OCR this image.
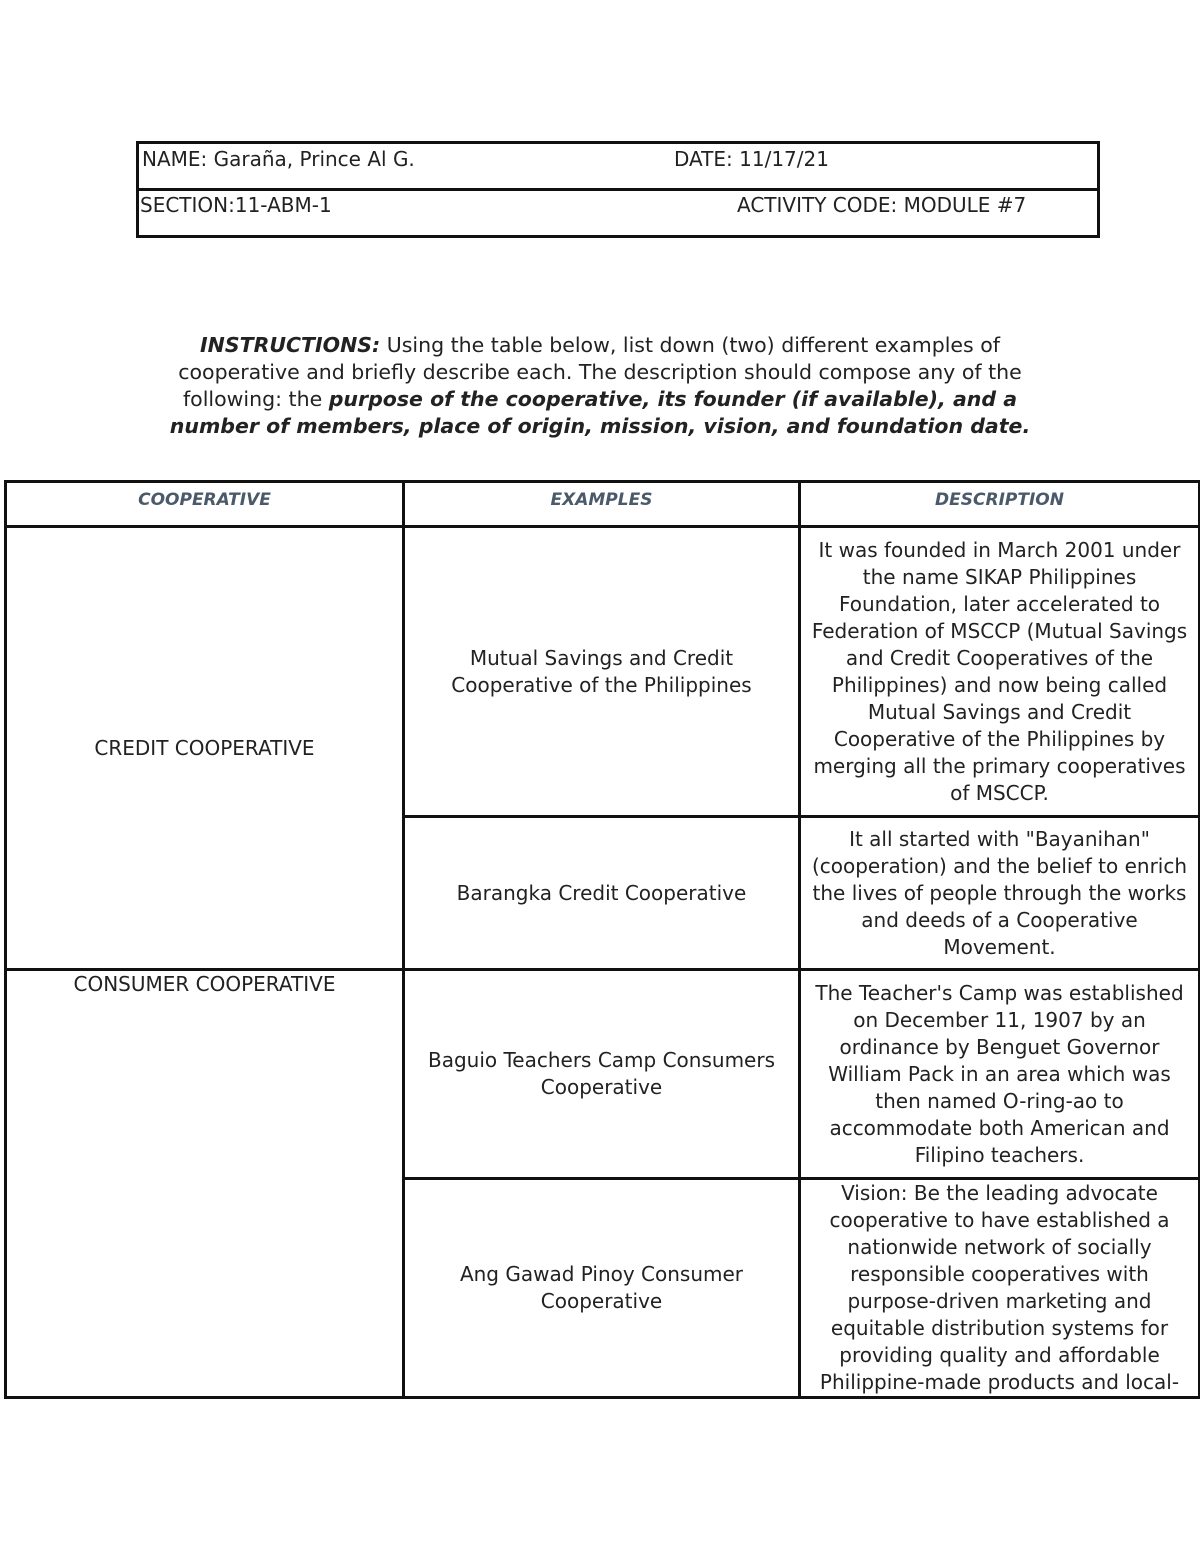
NAME: Garaña, Prince Al G.	DATE: 11/17/21
SECTION:11-ABM-1	ACTIVITY CODE: MODULE #7
INSTRUCTIONS: Using the table below, list down (two) different examples of cooperative and briefly describe each. The description should compose any of the following: the purpose of the cooperative, its founder (if available), and a number of members, place of origin, mission, vision, and foundation date.
COOPERATIVE	EXAMPLES	DESCRIPTION
CREDIT COOPERATIVE	Mutual Savings and Credit Cooperative of the Philippines	It was founded in March 2001 under the name SIKAP Philippines Foundation, later accelerated to Federation of MSCCP (Mutual Savings and Credit Cooperatives of the Philippines) and now being called Mutual Savings and Credit Cooperative of the Philippines by merging all the primary cooperatives of MSCCP.
	Barangka Credit Cooperative	It all started with "Bayanihan" (cooperation) and the belief to enrich the lives of people through the works and deeds of a Cooperative Movement.
CONSUMER COOPERATIVE	Baguio Teachers Camp Consumers Cooperative	The Teacher's Camp was established on December 11, 1907 by an ordinance by Benguet Governor William Pack in an area which was then named O-ring-ao to accommodate both American and Filipino teachers.
	Ang Gawad Pinoy Consumer Cooperative	Vision: Be the leading advocate cooperative to have established a nationwide network of socially responsible cooperatives with purpose-driven marketing and equitable distribution systems for providing quality and affordable Philippine-made products and local-
